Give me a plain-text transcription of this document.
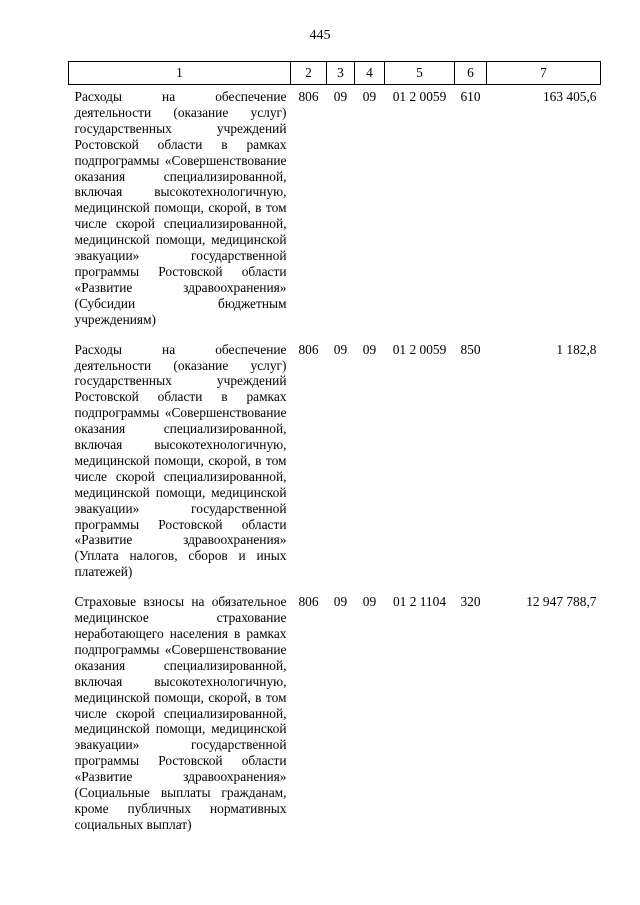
445
1	2	3	4	5	6	7
Расходы на обеспечение деятельности (оказание услуг) государственных учреждений Ростовской области в рамках подпрограммы «Совершенствование оказания специализированной, включая высокотехнологичную, медицинской помощи, скорой, в том числе скорой специализированной, медицинской помощи, медицинской эвакуации» государственной программы Ростовской области «Развитие здравоохранения» (Субсидии бюджетным учреждениям)	806	09	09	01 2 0059	610	163 405,6
Расходы на обеспечение деятельности (оказание услуг) государственных учреждений Ростовской области в рамках подпрограммы «Совершенствование оказания специализированной, включая высокотехнологичную, медицинской помощи, скорой, в том числе скорой специализированной, медицинской помощи, медицинской эвакуации» государственной программы Ростовской области «Развитие здравоохранения» (Уплата налогов, сборов и иных платежей)	806	09	09	01 2 0059	850	1 182,8
Страховые взносы на обязательное медицинское страхование неработающего населения в рамках подпрограммы «Совершенствование оказания специализированной, включая высокотехнологичную, медицинской помощи, скорой, в том числе скорой специализированной, медицинской помощи, медицинской эвакуации» государственной программы Ростовской области «Развитие здравоохранения» (Социальные выплаты гражданам, кроме публичных нормативных социальных выплат)	806	09	09	01 2 1104	320	12 947 788,7
